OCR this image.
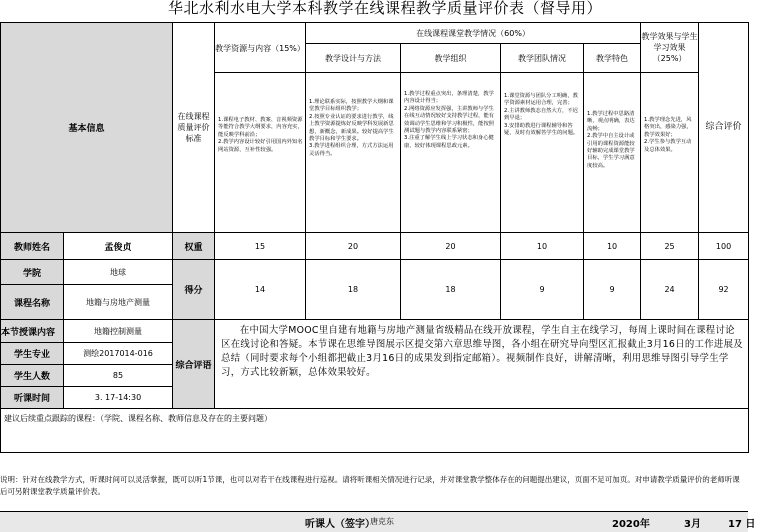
华北水利水电大学本科教学在线课程教学质量评价表（督导用）
基本信息		在线课程质量评价标准	教学资源与内容（15%）	在线课程课堂教学情况（60%）				教学效果与学生学习效果（25%）	综合评价
				教学设计与方法	教学组织	教学团队情况	教学特色		
			1.课程电子教材、教案、音视频资源等能符合教学大纲要求，内容充实，能反映学科前沿；
2.教学内容设计较好引用国内外知名网站资源，互补性较强。	1.理论联系实际，按照教学大纲和课堂教学目标组织教学；
2.按照专业认证的要求进行教学，线上教学资源提炼好反映学科发展新思想，新概念，新成果。较好提高学生教学目标和学生要求。
3.教学进程组织合理，方式方法运用灵活得当。	1.教学过程重点突出，条理清楚，教学内容设计得当；
2.网络资源应发挥强，主讲教师与学生在线互动情况较好支持教学过程，能有效调动学生思维和学习积极性，能按照测试题与教学内容联系紧密；
3.注重了解学生线上学习状态和身心健康，较好体现课程思政元素。	1.课堂资源与团队分工明确，教学资源素材运用合理，完善；
2.主讲教师教态自然大方，不迟到早退；
3.安排助教进行课程辅导和答疑，及时有效解答学生的问题。	1.教学过程中思路清晰，观点明确，表达流畅；
2.教学中自主设计或引用的课程资源能较好辅助完成课堂教学目标，学生学习满意度较高。	1.教学理念先进，风格突出，感染力强，教学效果好；
2.学生参与教学互动及总体效果。	

教师姓名	孟俊贞	权重	15	20	20	10	10	25	100
学院	地球	得分	14	18	18	9	9	24	92
课程名称	地籍与房地产测量								
本节授课内容	地籍控制测量	综合评语	在中国大学MOOC里自建有地籍与房地产测量省级精品在线开放课程，学生自主在线学习，每周上课时间在课程讨论区在线讨论和答疑。本节课在思维导图展示区提交第六章思维导图，各小组在研究导向型区汇报截止3月16日的工作进展及总结（同时要求每个小组都把截止3月16日的成果发到指定邮箱）。视频制作良好，讲解清晰，利用思维导图引导学生学习，方式比较新颖，总体效果较好。						
学生专业	测绘2017014-016								
学生人数	85								
听课时间	3. 17-14:30								
建议后续重点跟踪的课程：（学院、课程名称、教师信息及存在的主要问题）									
说明：针对在线教学方式，听课时间可以灵活掌握，既可以听1节课，也可以对若干在线课程进行巡视。请将听课相关情况进行记录，并对课堂教学整体存在的问题提出建议，页面不足可加页。对申请教学质量评价的老师听课后可另附课堂教学质量评价表。
听课人（签字）
唐克东	2020年	3月	17 日
